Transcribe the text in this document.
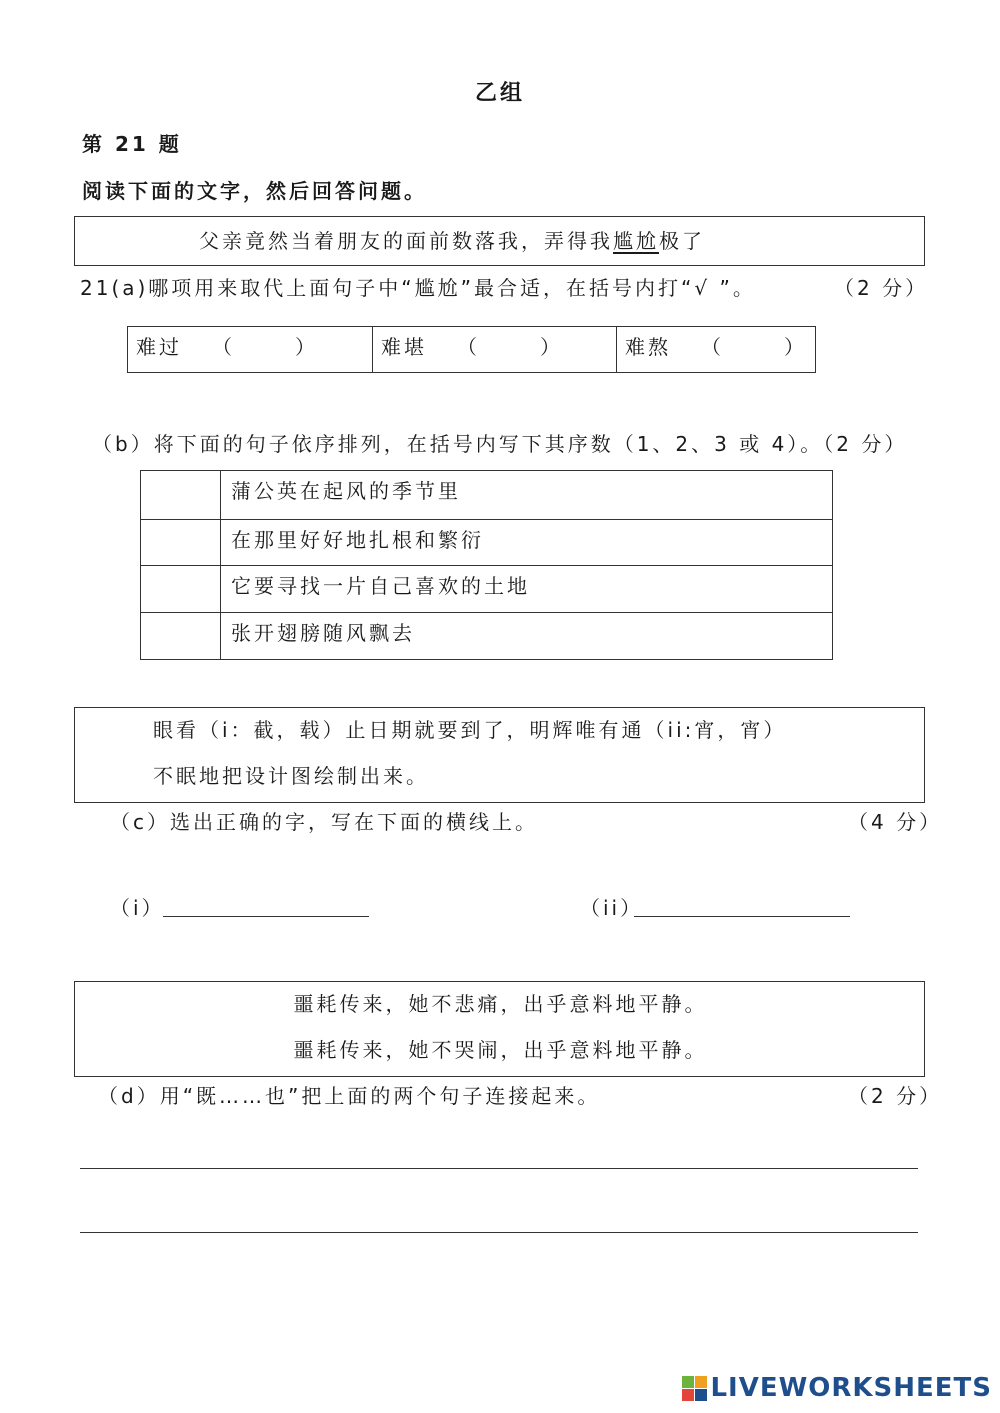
乙组
第 21 题
阅读下面的文字，然后回答问题。
父亲竟然当着朋友的面前数落我，弄得我尴尬极了
21(a)哪项用来取代上面句子中“尴尬”最合适，在括号内打“√ ”。	（2 分）
难过 （	）	难堪 （	）	难熬 （	）
（b）将下面的句子依序排列，在括号内写下其序数（1、2、3 或 4）。（2 分）
	蒲公英在起风的季节里
	在那里好好地扎根和繁衍
	它要寻找一片自己喜欢的土地
	张开翅膀随风飘去
眼看（i：截，载）止日期就要到了，明辉唯有通（ii:宵，宵）
不眠地把设计图绘制出来。
（c）选出正确的字，写在下面的横线上。	（4 分）
（i）	（ii）
噩耗传来，她不悲痛，出乎意料地平静。
噩耗传来，她不哭闹，出乎意料地平静。
（d）用“既……也”把上面的两个句子连接起来。	（2 分）
LIVEWORKSHEETS
